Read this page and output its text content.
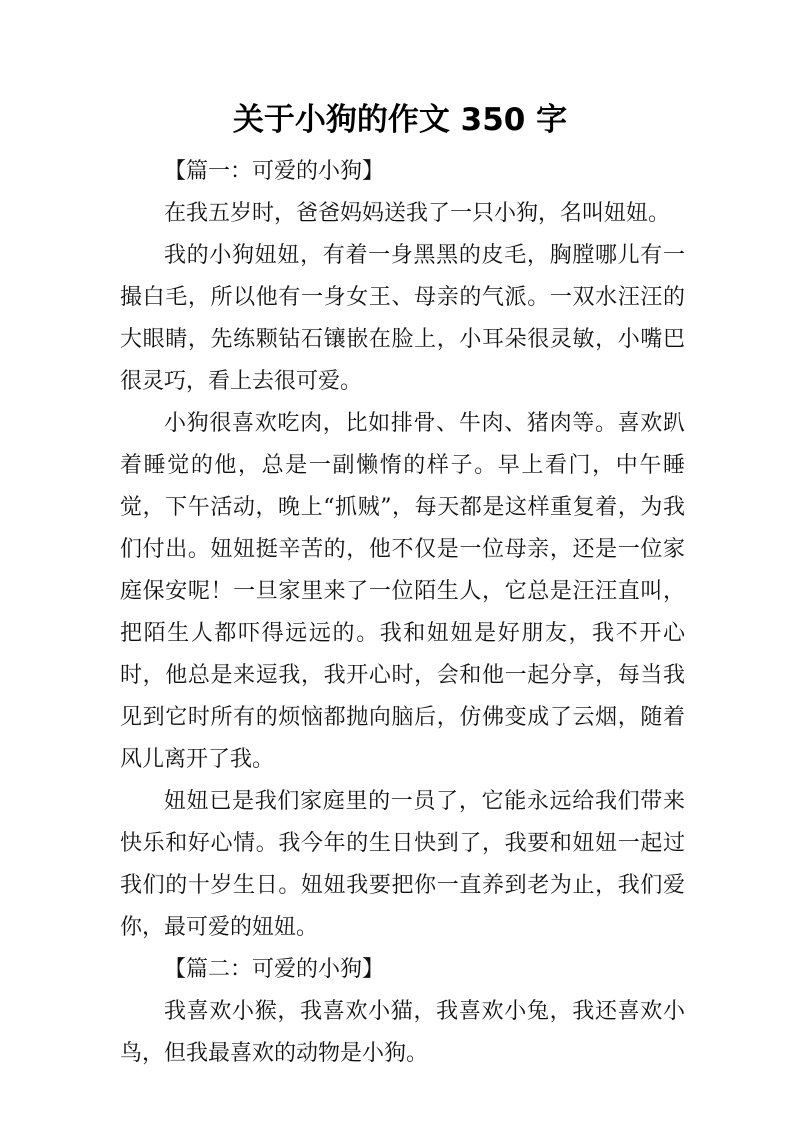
关于小狗的作文 350 字

【篇一：可爱的小狗】

在我五岁时，爸爸妈妈送我了一只小狗，名叫妞妞。

我的小狗妞妞，有着一身黑黑的皮毛，胸膛哪儿有一撮白毛，所以他有一身女王、母亲的气派。一双水汪汪的大眼睛，先练颗钻石镶嵌在脸上，小耳朵很灵敏，小嘴巴很灵巧，看上去很可爱。

小狗很喜欢吃肉，比如排骨、牛肉、猪肉等。喜欢趴着睡觉的他，总是一副懒惰的样子。早上看门，中午睡觉，下午活动，晚上“抓贼”，每天都是这样重复着，为我们付出。妞妞挺辛苦的，他不仅是一位母亲，还是一位家庭保安呢！一旦家里来了一位陌生人，它总是汪汪直叫，把陌生人都吓得远远的。我和妞妞是好朋友，我不开心时，他总是来逗我，我开心时，会和他一起分享，每当我见到它时所有的烦恼都抛向脑后，仿佛变成了云烟，随着风儿离开了我。

妞妞已是我们家庭里的一员了，它能永远给我们带来快乐和好心情。我今年的生日快到了，我要和妞妞一起过我们的十岁生日。妞妞我要把你一直养到老为止，我们爱你，最可爱的妞妞。

【篇二：可爱的小狗】

我喜欢小猴，我喜欢小猫，我喜欢小兔，我还喜欢小鸟，但我最喜欢的动物是小狗。
